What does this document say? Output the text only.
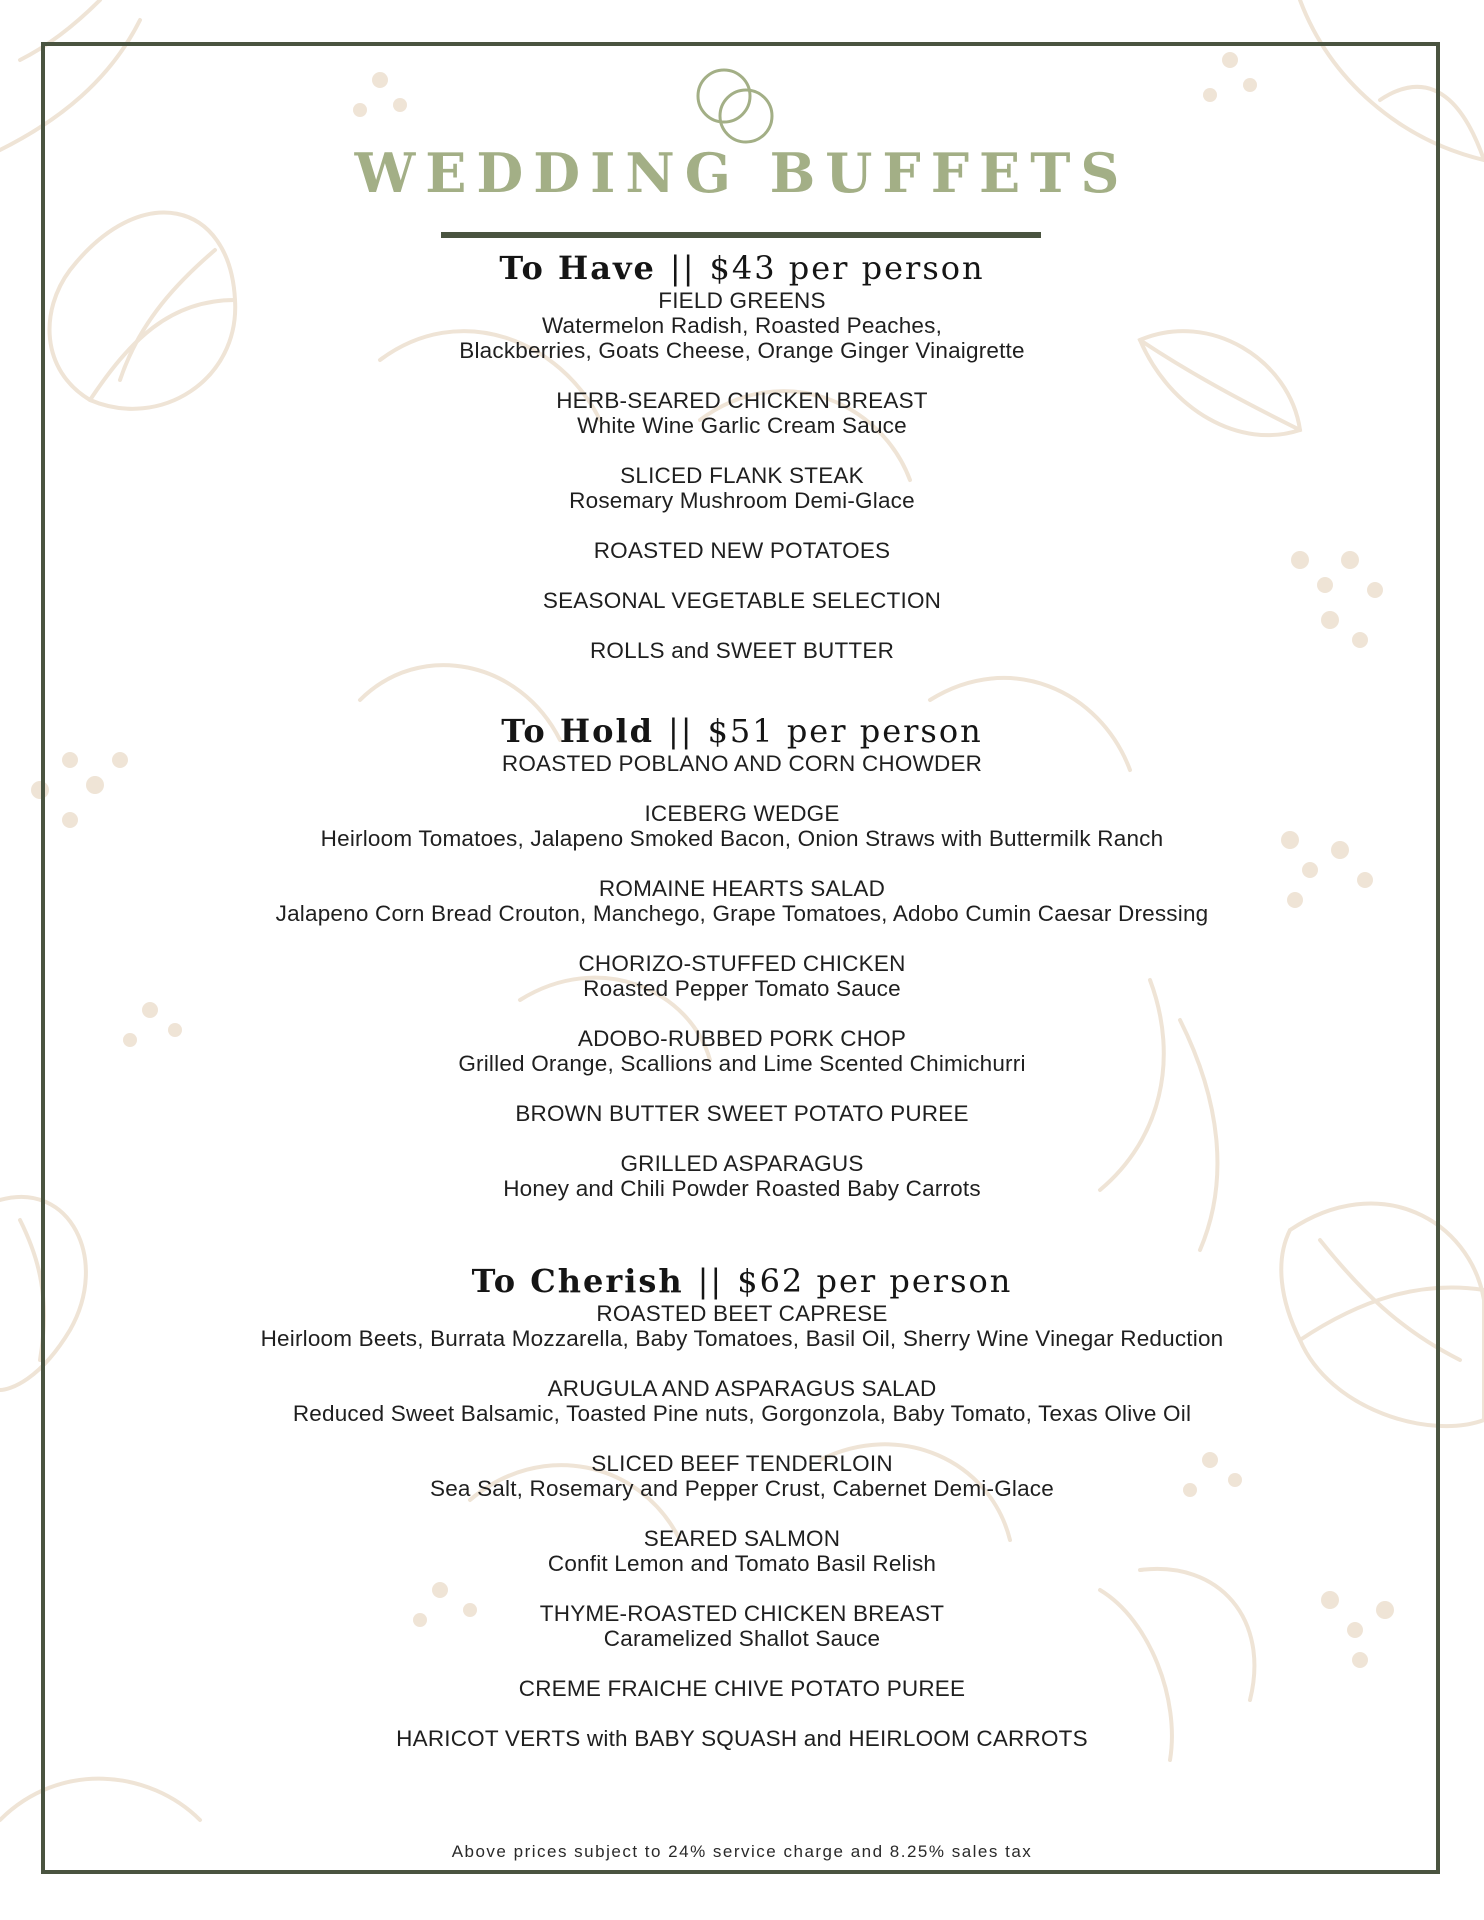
WEDDING BUFFETS
To Have || $43 per person
FIELD GREENS
Watermelon Radish, Roasted Peaches,
Blackberries, Goats Cheese, Orange Ginger Vinaigrette
HERB-SEARED CHICKEN BREAST
White Wine Garlic Cream Sauce
SLICED FLANK STEAK
Rosemary Mushroom Demi-Glace
ROASTED NEW POTATOES
SEASONAL VEGETABLE SELECTION
ROLLS and SWEET BUTTER
To Hold || $51 per person
ROASTED POBLANO AND CORN CHOWDER
ICEBERG WEDGE
Heirloom Tomatoes, Jalapeno Smoked Bacon, Onion Straws with Buttermilk Ranch
ROMAINE HEARTS SALAD
Jalapeno Corn Bread Crouton, Manchego, Grape Tomatoes, Adobo Cumin Caesar Dressing
CHORIZO-STUFFED CHICKEN
Roasted Pepper Tomato Sauce
ADOBO-RUBBED PORK CHOP
Grilled Orange, Scallions and Lime Scented Chimichurri
BROWN BUTTER SWEET POTATO PUREE
GRILLED ASPARAGUS
Honey and Chili Powder Roasted Baby Carrots
To Cherish || $62 per person
ROASTED BEET CAPRESE
Heirloom Beets, Burrata Mozzarella, Baby Tomatoes, Basil Oil, Sherry Wine Vinegar Reduction
ARUGULA AND ASPARAGUS SALAD
Reduced Sweet Balsamic, Toasted Pine nuts, Gorgonzola, Baby Tomato, Texas Olive Oil
SLICED BEEF TENDERLOIN
Sea Salt, Rosemary and Pepper Crust, Cabernet Demi-Glace
SEARED SALMON
Confit Lemon and Tomato Basil Relish
THYME-ROASTED CHICKEN BREAST
Caramelized Shallot Sauce
CREME FRAICHE CHIVE POTATO PUREE
HARICOT VERTS with BABY SQUASH and HEIRLOOM CARROTS
Above prices subject to 24% service charge and 8.25% sales tax
